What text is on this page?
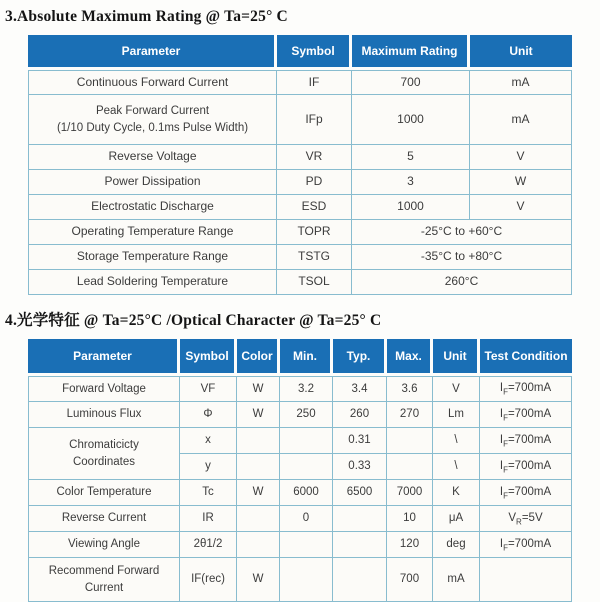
3.Absolute Maximum Rating @ Ta=25° C
Parameter	Symbol	Maximum Rating	Unit
Continuous Forward Current	IF	700	mA
Peak Forward Current
(1/10 Duty Cycle, 0.1ms Pulse Width)	IFp	1000	mA
Reverse Voltage	VR	5	V
Power Dissipation	PD	3	W
Electrostatic Discharge	ESD	1000	V
Operating Temperature Range	TOPR	-25°C to +60°C	
Storage Temperature Range	TSTG	-35°C to +80°C	
Lead Soldering Temperature	TSOL	260°C	
4.光学特征 @ Ta=25°C /Optical Character @ Ta=25° C
Parameter	Symbol	Color	Min.	Typ.	Max.	Unit	Test Condition
Forward Voltage	VF	W	3.2	3.4	3.6	V	$I_F=700mA$
Luminous Flux	Φ	W	250	260	270	Lm	$I_F=700mA$
Chromaticicty
Coordinates	x			0.31		\	$I_F=700mA$
	y			0.33		\	$I_F=700mA$
Color Temperature	Tc	W	6000	6500	7000	K	$I_F=700mA$
Reverse Current	IR		0		10	μA	$V_R=5V$
Viewing Angle	2θ1/2				120	deg	$I_F=700mA$
Recommend Forward
Current	IF(rec)	W			700	mA	
